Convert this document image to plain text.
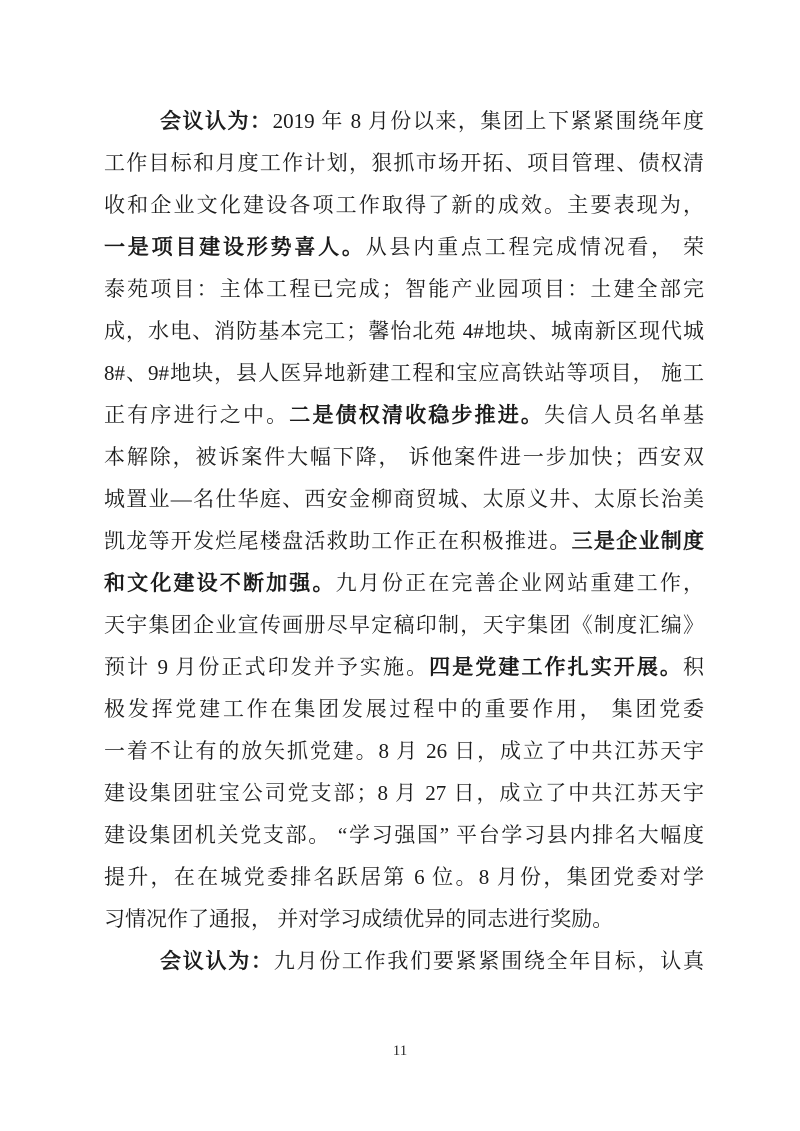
会议认为：2019 年 8 月份以来，集团上下紧紧围绕年度
工作目标和月度工作计划，狠抓市场开拓、项目管理、债权清
收和企业文化建设各项工作取得了新的成效。主要表现为，
一是项目建设形势喜人。从县内重点工程完成情况看， 荣
泰苑项目：主体工程已完成；智能产业园项目：土建全部完
成，水电、消防基本完工；馨怡北苑 4#地块、城南新区现代城
8#、9#地块，县人医异地新建工程和宝应高铁站等项目， 施工
正有序进行之中。二是债权清收稳步推进。失信人员名单基
本解除，被诉案件大幅下降， 诉他案件进一步加快；西安双
城置业—名仕华庭、西安金柳商贸城、太原义井、太原长治美
凯龙等开发烂尾楼盘活救助工作正在积极推进。三是企业制度
和文化建设不断加强。九月份正在完善企业网站重建工作，
天宇集团企业宣传画册尽早定稿印制，天宇集团《制度汇编》
预计 9 月份正式印发并予实施。四是党建工作扎实开展。积
极发挥党建工作在集团发展过程中的重要作用， 集团党委
一着不让有的放矢抓党建。8 月 26 日，成立了中共江苏天宇
建设集团驻宝公司党支部；8 月 27 日，成立了中共江苏天宇
建设集团机关党支部。 “学习强国” 平台学习县内排名大幅度
提升，在在城党委排名跃居第 6 位。8 月份，集团党委对学
习情况作了通报， 并对学习成绩优异的同志进行奖励。
会议认为：九月份工作我们要紧紧围绕全年目标，认真
11
